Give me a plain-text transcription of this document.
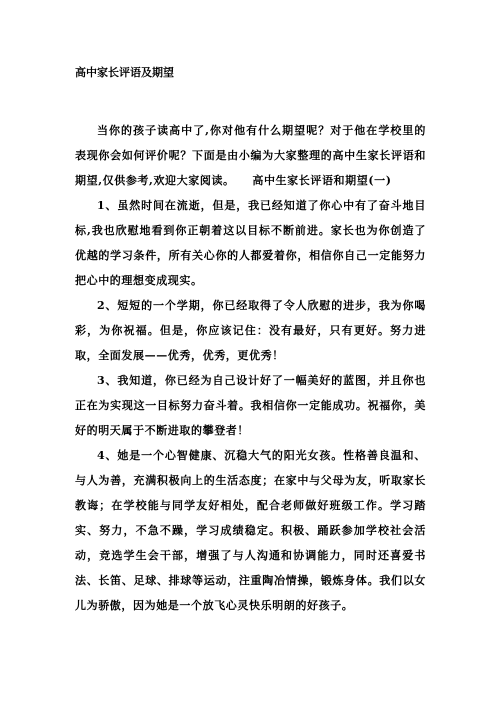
高中家长评语及期望

当你的孩子读高中了,你对他有什么期望呢？对于他在学校里的表现你会如何评价呢？下面是由小编为大家整理的高中生家长评语和期望,仅供参考,欢迎大家阅读。　　高中生家长评语和期望(一)

1、虽然时间在流逝，但是，我已经知道了你心中有了奋斗地目标,我也欣慰地看到你正朝着这以目标不断前进。家长也为你创造了优越的学习条件，所有关心你的人都爱着你，相信你自己一定能努力把心中的理想变成现实。

2、短短的一个学期，你已经取得了令人欣慰的进步，我为你喝彩，为你祝福。但是，你应该记住：没有最好，只有更好。努力进取，全面发展——优秀，优秀，更优秀！

3、我知道，你已经为自己设计好了一幅美好的蓝图，并且你也正在为实现这一目标努力奋斗着。我相信你一定能成功。祝福你，美好的明天属于不断进取的攀登者！

4、她是一个心智健康、沉稳大气的阳光女孩。性格善良温和、与人为善，充满积极向上的生活态度；在家中与父母为友，听取家长教诲；在学校能与同学友好相处，配合老师做好班级工作。学习踏实、努力，不急不躁，学习成绩稳定。积极、踊跃参加学校社会活动，竞选学生会干部，增强了与人沟通和协调能力，同时还喜爱书法、长笛、足球、排球等运动，注重陶冶情操，锻炼身体。我们以女儿为骄傲，因为她是一个放飞心灵快乐明朗的好孩子。
